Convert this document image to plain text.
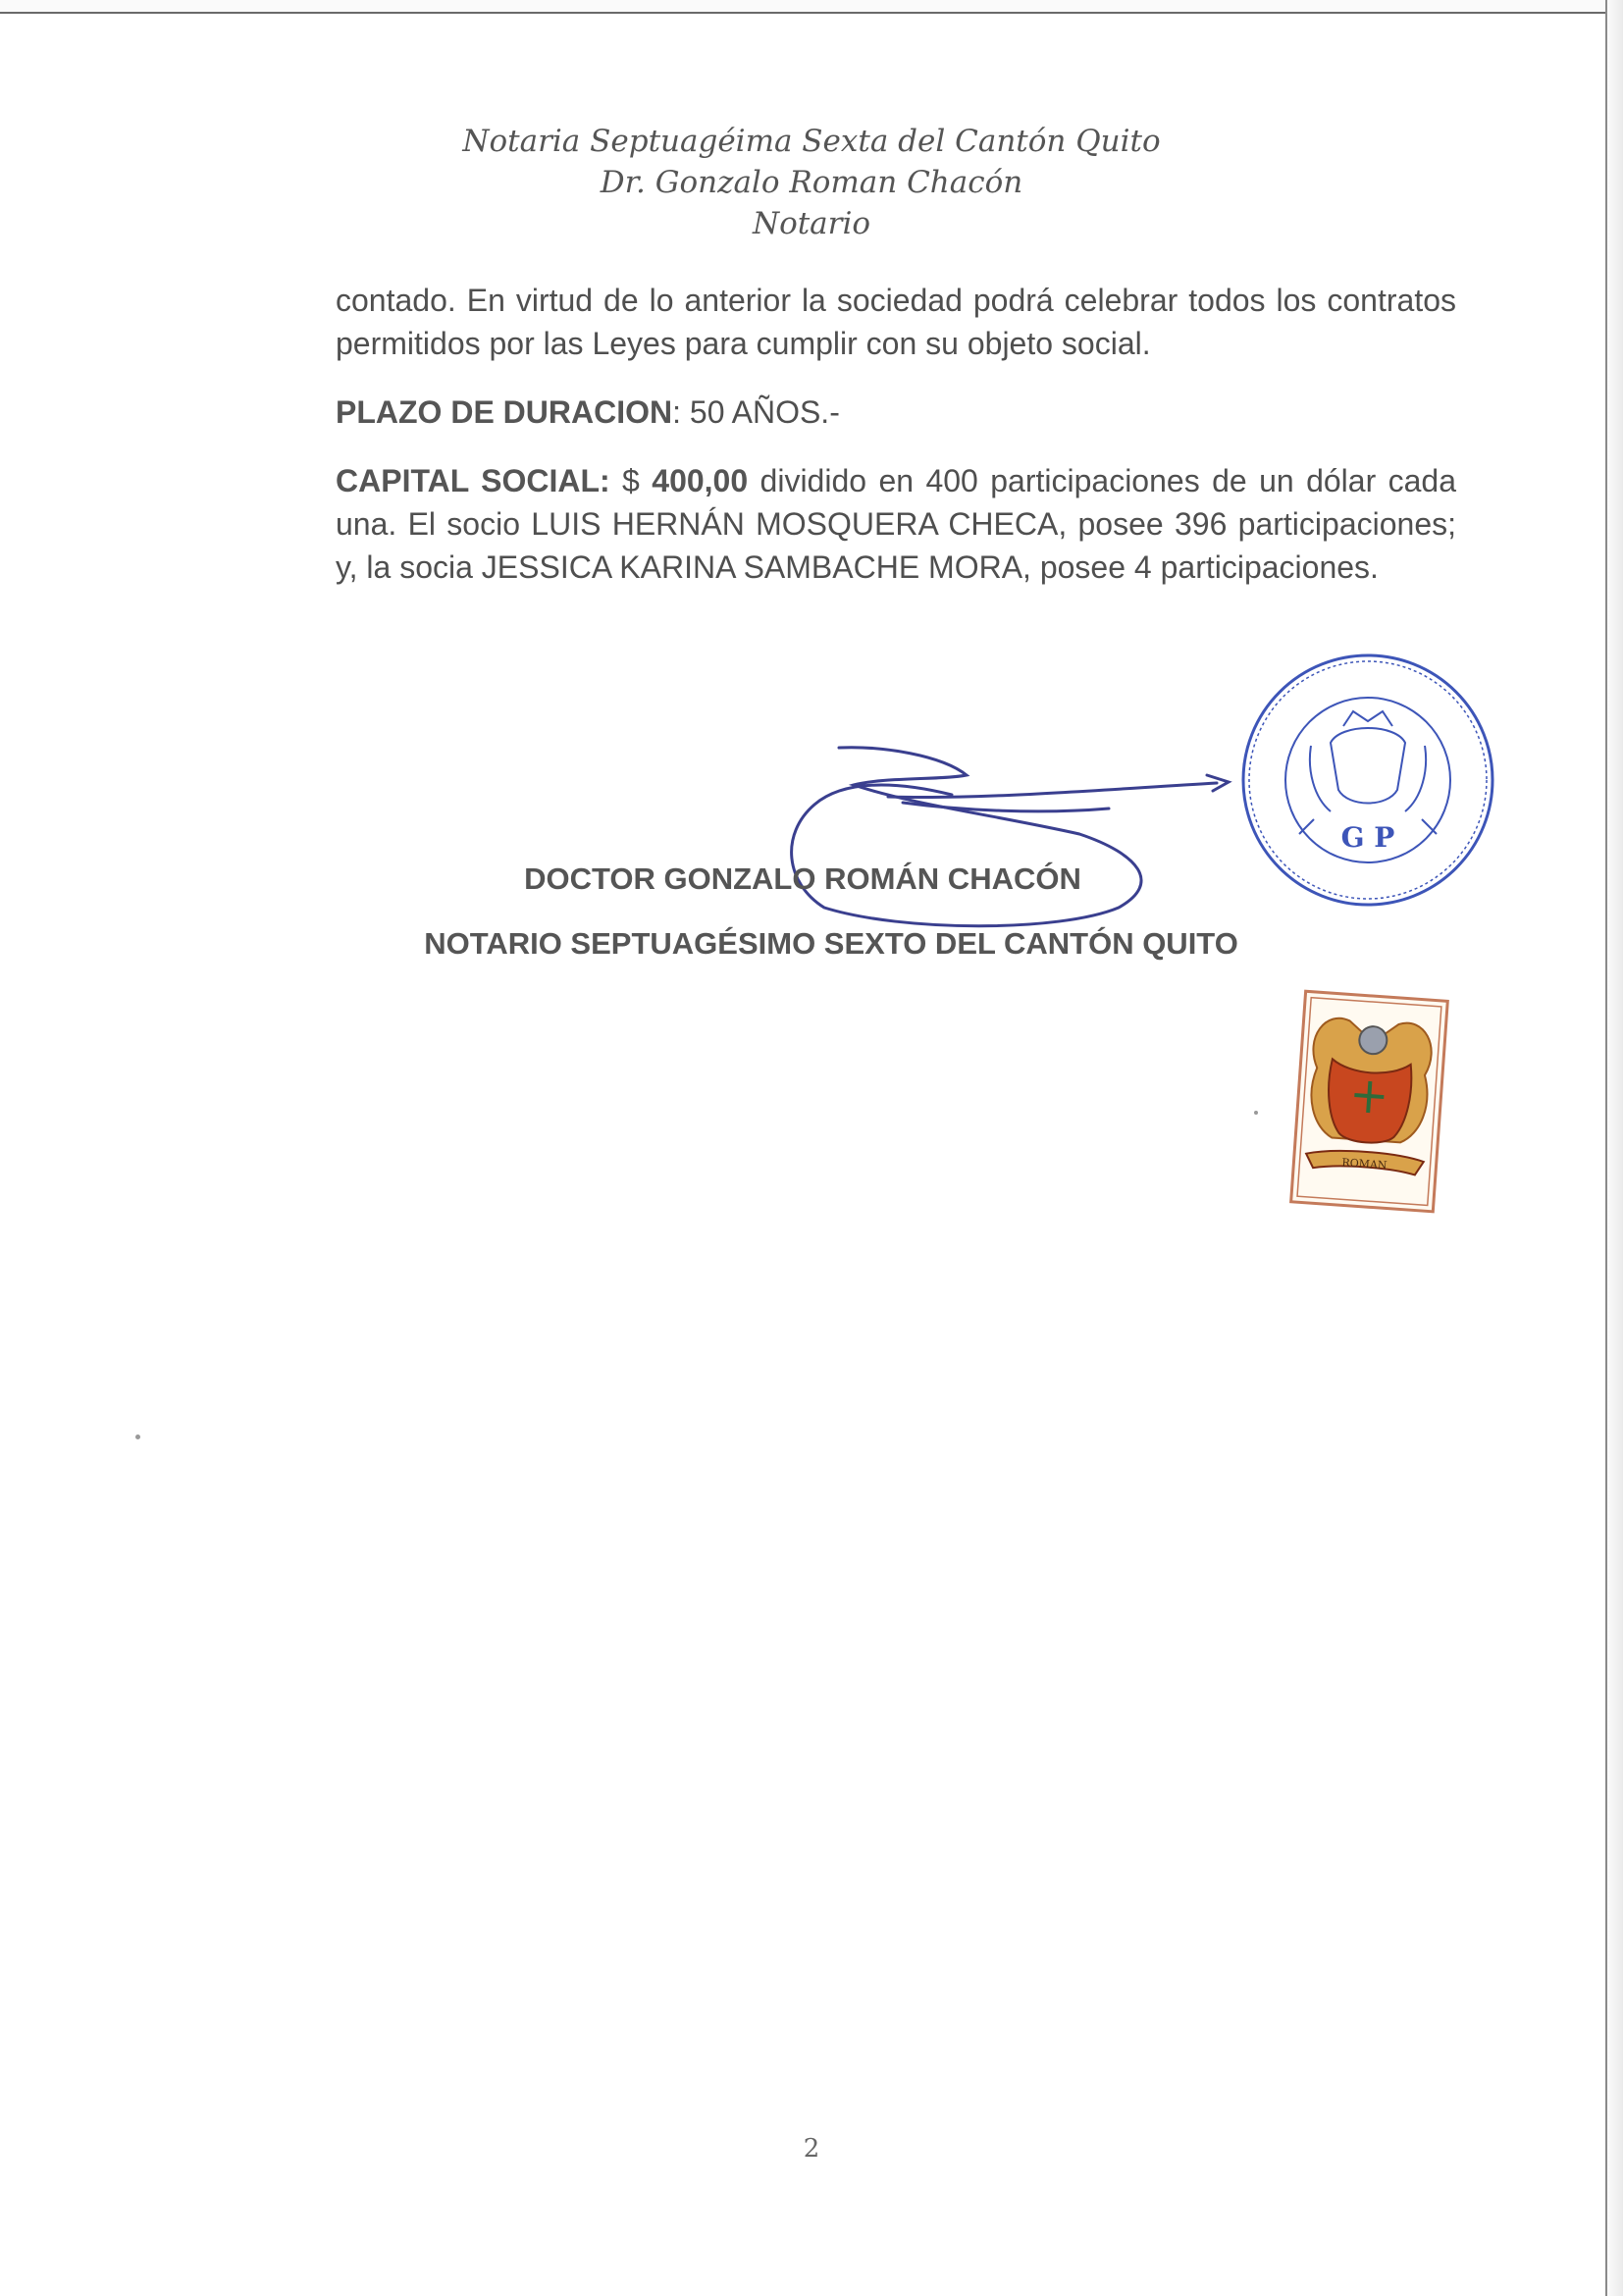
Notaria Septuagéima Sexta del Cantón Quito
Dr. Gonzalo Roman Chacón
Notario
contado. En virtud de lo anterior la sociedad podrá celebrar todos los contratos permitidos por las Leyes para cumplir con su objeto social.
PLAZO DE DURACION: 50 AÑOS.-
CAPITAL SOCIAL: $ 400,00 dividido en 400 participaciones de un dólar cada una. El socio LUIS HERNÁN MOSQUERA CHECA, posee 396 participaciones; y, la socia JESSICA KARINA SAMBACHE MORA, posee 4 participaciones.
G P
ROMAN
DOCTOR GONZALO ROMÁN CHACÓN
NOTARIO SEPTUAGÉSIMO SEXTO DEL CANTÓN QUITO
2
